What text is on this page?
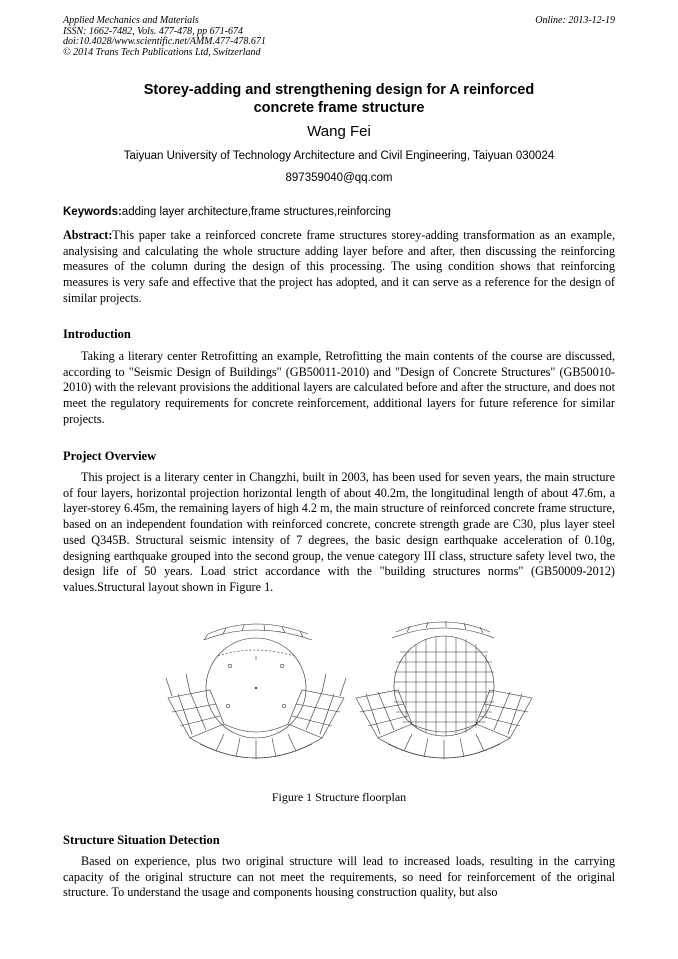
Applied Mechanics and Materials
ISSN: 1662-7482, Vols. 477-478, pp 671-674
doi:10.4028/www.scientific.net/AMM.477-478.671
© 2014 Trans Tech Publications Ltd, Switzerland
Online: 2013-12-19
Storey-adding and strengthening design for A reinforced
concrete frame structure
Wang Fei
Taiyuan University of Technology Architecture and Civil Engineering, Taiyuan 030024
897359040@qq.com
Keywords:adding layer architecture,frame structures,reinforcing
Abstract:This paper take a reinforced concrete frame structures storey-adding transformation as an example, analysising and calculating the whole structure adding layer before and after, then discussing the reinforcing measures of the column during the design of this processing. The using condition shows that reinforcing measures is very safe and effective that the project has adopted, and it can serve as a reference for the design of similar projects.
Introduction
Taking a literary center Retrofitting an example, Retrofitting the main contents of the course are discussed, according to "Seismic Design of Buildings" (GB50011-2010) and "Design of Concrete Structures" (GB50010-2010) with the relevant provisions the additional layers are calculated before and after the structure, and does not meet the regulatory requirements for concrete reinforcement, additional layers for future reference for similar projects.
Project Overview
This project is a literary center in Changzhi, built in 2003, has been used for seven years, the main structure of four layers, horizontal projection horizontal length of about 40.2m, the longitudinal length of about 47.6m, a layer-storey 6.45m, the remaining layers of high 4.2 m, the main structure of reinforced concrete frame structure, based on an independent foundation with reinforced concrete, concrete strength grade are C30, plus layer steel used Q345B. Structural seismic intensity of 7 degrees, the basic design earthquake acceleration of 0.10g, designing earthquake grouped into the second group, the venue category III class, structure safety level two, the design life of 50 years. Load strict accordance with the "building structures norms" (GB50009-2012) values.Structural layout shown in Figure 1.
Figure 1 Structure floorplan
Structure Situation Detection
Based on experience, plus two original structure will lead to increased loads, resulting in the carrying capacity of the original structure can not meet the requirements, so need for reinforcement of the original structure. To understand the usage and components housing construction quality, but also
